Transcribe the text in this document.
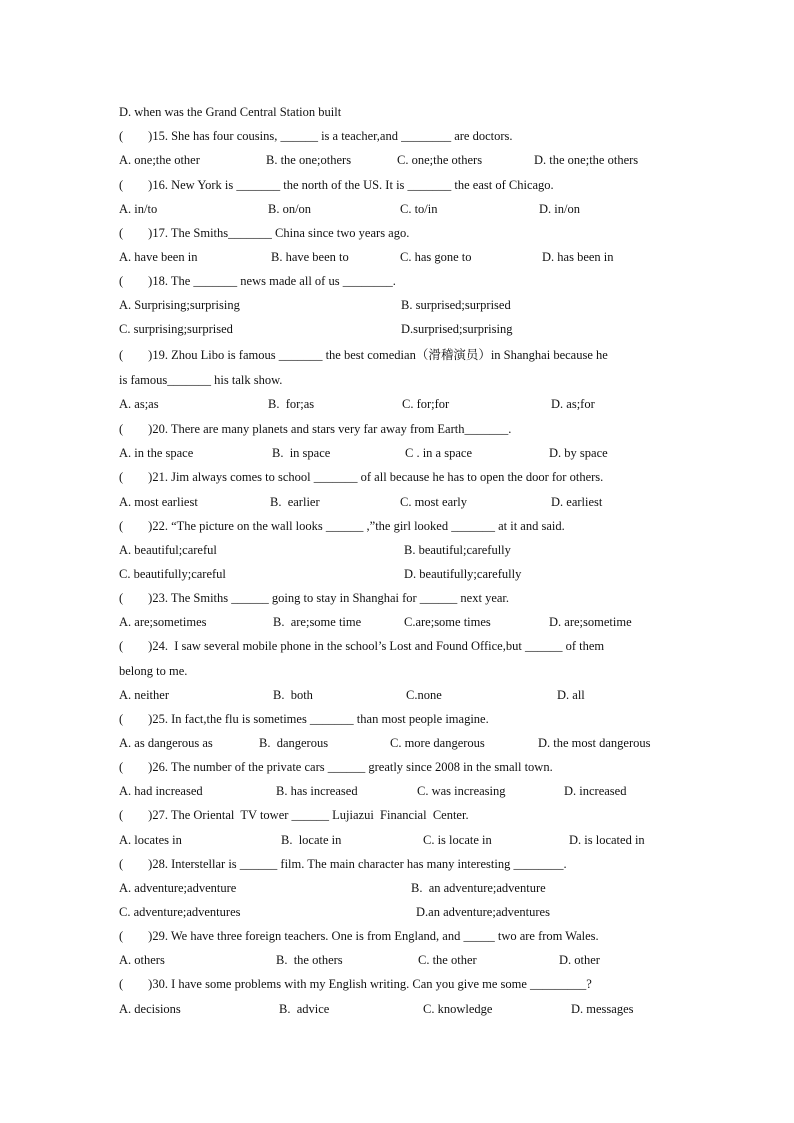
D. when was the Grand Central Station built
(        )15. She has four cousins, ______ is a teacher,and ________ are doctors.
A. one;the other	B. the one;others	C. one;the others	D. the one;the others
(        )16. New York is _______ the north of the US. It is _______ the east of Chicago.
A. in/to	B. on/on	C. to/in	D. in/on
(        )17. The Smiths_______ China since two years ago.
A. have been in	B. have been to	C. has gone to	D. has been in
(        )18. The _______ news made all of us ________.
A. Surprising;surprising	B. surprised;surprised
C. surprising;surprised	D.surprised;surprising
(        )19. Zhou Libo is famous _______ the best comedian（滑稽演员）in Shanghai because he
is famous_______ his talk show.
A. as;as	B.  for;as	C. for;for	D. as;for
(        )20. There are many planets and stars very far away from Earth_______.
A. in the space	B.  in space	C . in a space	D. by space
(        )21. Jim always comes to school _______ of all because he has to open the door for others.
A. most earliest	B.  earlier	C. most early	D. earliest
(        )22. “The picture on the wall looks ______ ,”the girl looked _______ at it and said.
A. beautiful;careful	B. beautiful;carefully
C. beautifully;careful	D. beautifully;carefully
(        )23. The Smiths ______ going to stay in Shanghai for ______ next year.
A. are;sometimes	B.  are;some time	C.are;some times	D. are;sometime
(        )24.  I saw several mobile phone in the school’s Lost and Found Office,but ______ of them
belong to me.
A. neither	B.  both	C.none	D. all
(        )25. In fact,the flu is sometimes _______ than most people imagine.
A. as dangerous as	B.  dangerous	C. more dangerous	D. the most dangerous
(        )26. The number of the private cars ______ greatly since 2008 in the small town.
A. had increased	B. has increased	C. was increasing	D. increased
(        )27. The Oriental  TV tower ______ Lujiazui  Financial  Center.
A. locates in	B.  locate in	C. is locate in	D. is located in
(        )28. Interstellar is ______ film. The main character has many interesting ________.
A. adventure;adventure	B.  an adventure;adventure
C. adventure;adventures	D.an adventure;adventures
(        )29. We have three foreign teachers. One is from England, and _____ two are from Wales.
A. others	B.  the others	C. the other	D. other
(        )30. I have some problems with my English writing. Can you give me some _________?
A. decisions	B.  advice	C. knowledge	D. messages
